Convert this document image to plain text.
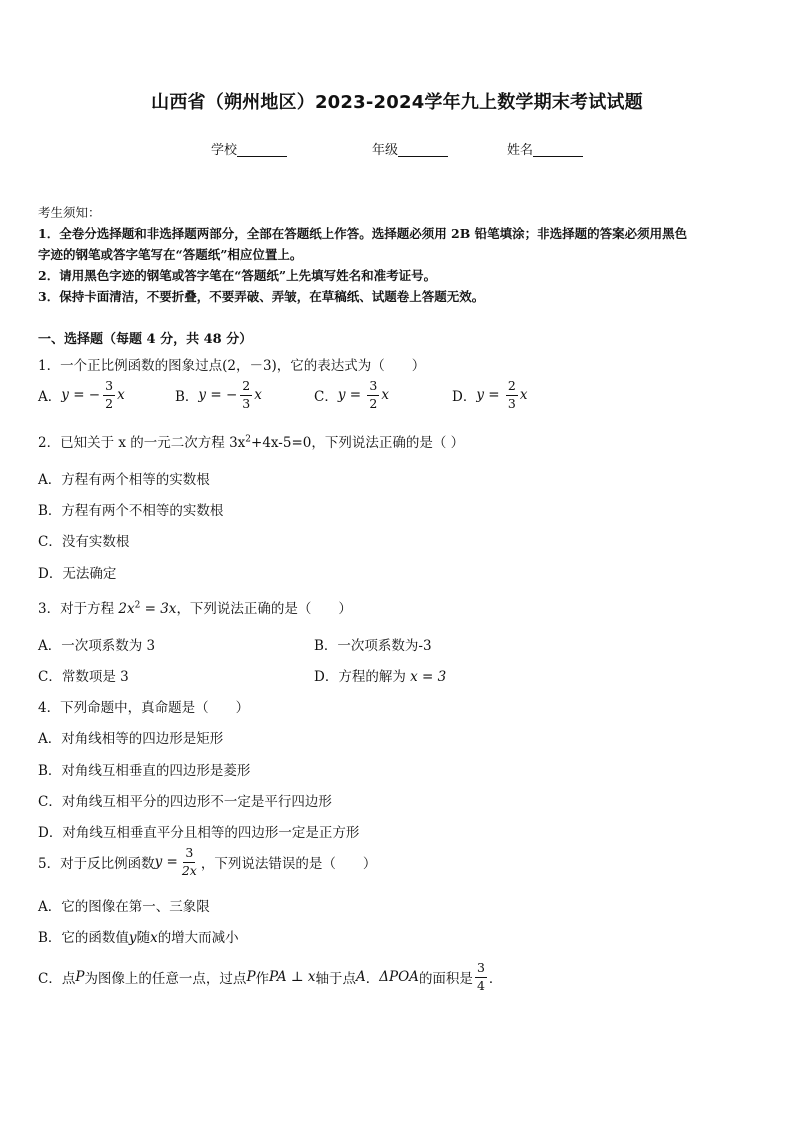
山西省（朔州地区）2023-2024学年九上数学期末考试试题
学校	年级	姓名
考生须知：
1．全卷分选择题和非选择题两部分，全部在答题纸上作答。选择题必须用 2B 铅笔填涂；非选择题的答案必须用黑色
字迹的钢笔或答字笔写在“答题纸”相应位置上。
2．请用黑色字迹的钢笔或答字笔在“答题纸”上先填写姓名和准考证号。
3．保持卡面清洁，不要折叠，不要弄破、弄皱，在草稿纸、试题卷上答题无效。
一、选择题（每题 4 分，共 48 分）
1．一个正比例函数的图象过点(2，－3)，它的表达式为（　　）
A． y
=
− $\frac{3}{2}$ x	B． y
=
− $\frac{2}{3}$ x	C． y
=
$\frac{3}{2}$ x	D． y
=
$\frac{2}{3}$ x
2．已知关于 x 的一元二次方程 $3x^2+4x-5=0$，下列说法正确的是（ ）
A．方程有两个相等的实数根
B．方程有两个不相等的实数根
C．没有实数根
D．无法确定
3．对于方程 $2x^2 = 3x$，下列说法正确的是（　　）
A．一次项系数为 3	B．一次项系数为-3
C．常数项是 3	D．方程的解为 x = 3
4．下列命题中，真命题是（　　）
A．对角线相等的四边形是矩形
B．对角线互相垂直的四边形是菱形
C．对角线互相平分的四边形不一定是平行四边形
D．对角线互相垂直平分且相等的四边形一定是正方形
5．对于反比例函数 $y = \frac{3}{2x}$ ，下列说法错误的是（　　）
A．它的图像在第一、三象限
B．它的函数值y随x的增大而减小
C．点 P 为图像上的任意一点，过点 P 作 PA ⊥ x 轴于点 A ． ΔPOA 的面积是 $\frac{3}{4}$ ．
